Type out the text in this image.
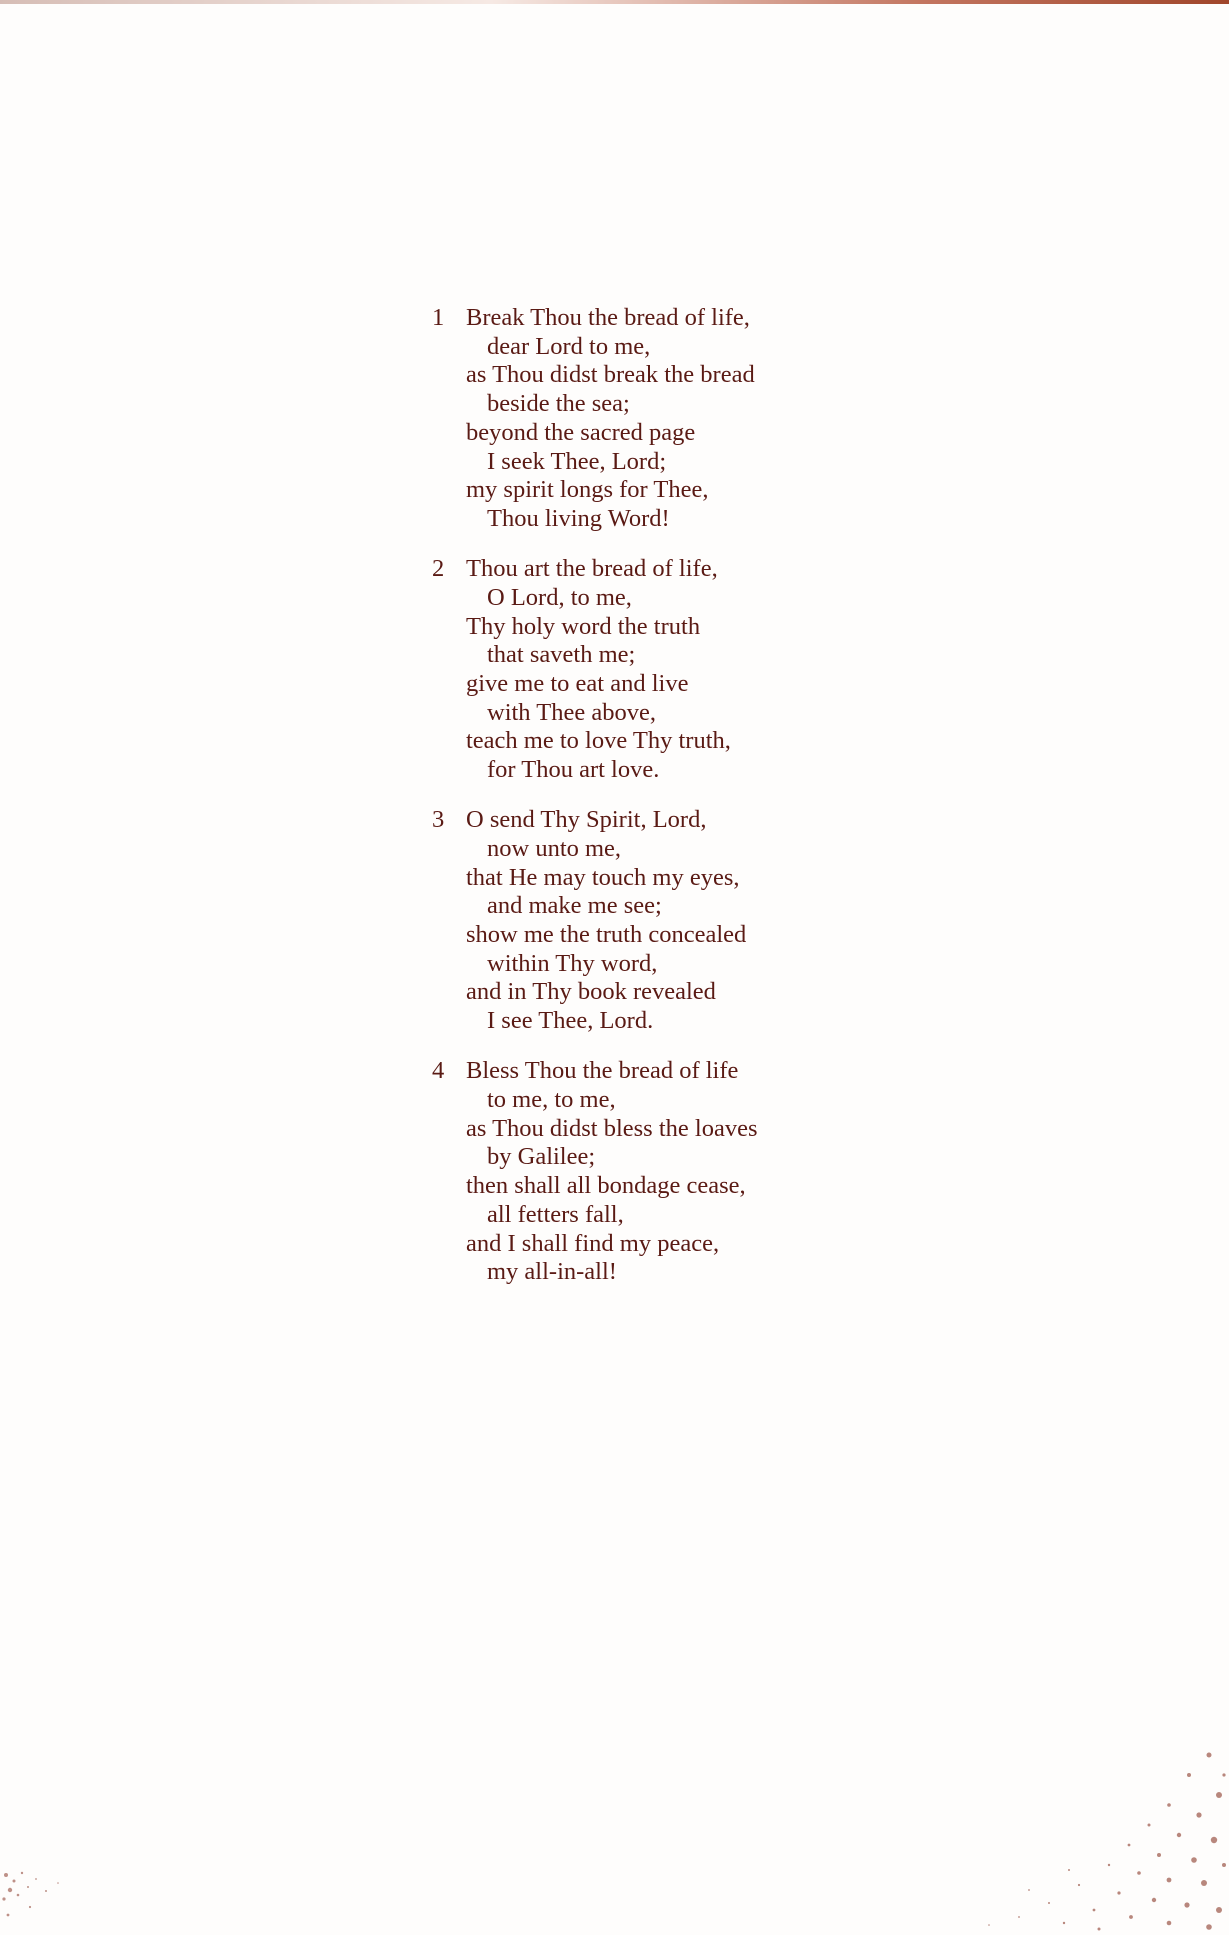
1 Break Thou the bread of life,
dear Lord to me,
as Thou didst break the bread
beside the sea;
beyond the sacred page
I seek Thee, Lord;
my spirit longs for Thee,
Thou living Word!
2 Thou art the bread of life,
O Lord, to me,
Thy holy word the truth
that saveth me;
give me to eat and live
with Thee above,
teach me to love Thy truth,
for Thou art love.
3 O send Thy Spirit, Lord,
now unto me,
that He may touch my eyes,
and make me see;
show me the truth concealed
within Thy word,
and in Thy book revealed
I see Thee, Lord.
4 Bless Thou the bread of life
to me, to me,
as Thou didst bless the loaves
by Galilee;
then shall all bondage cease,
all fetters fall,
and I shall find my peace,
my all-in-all!
